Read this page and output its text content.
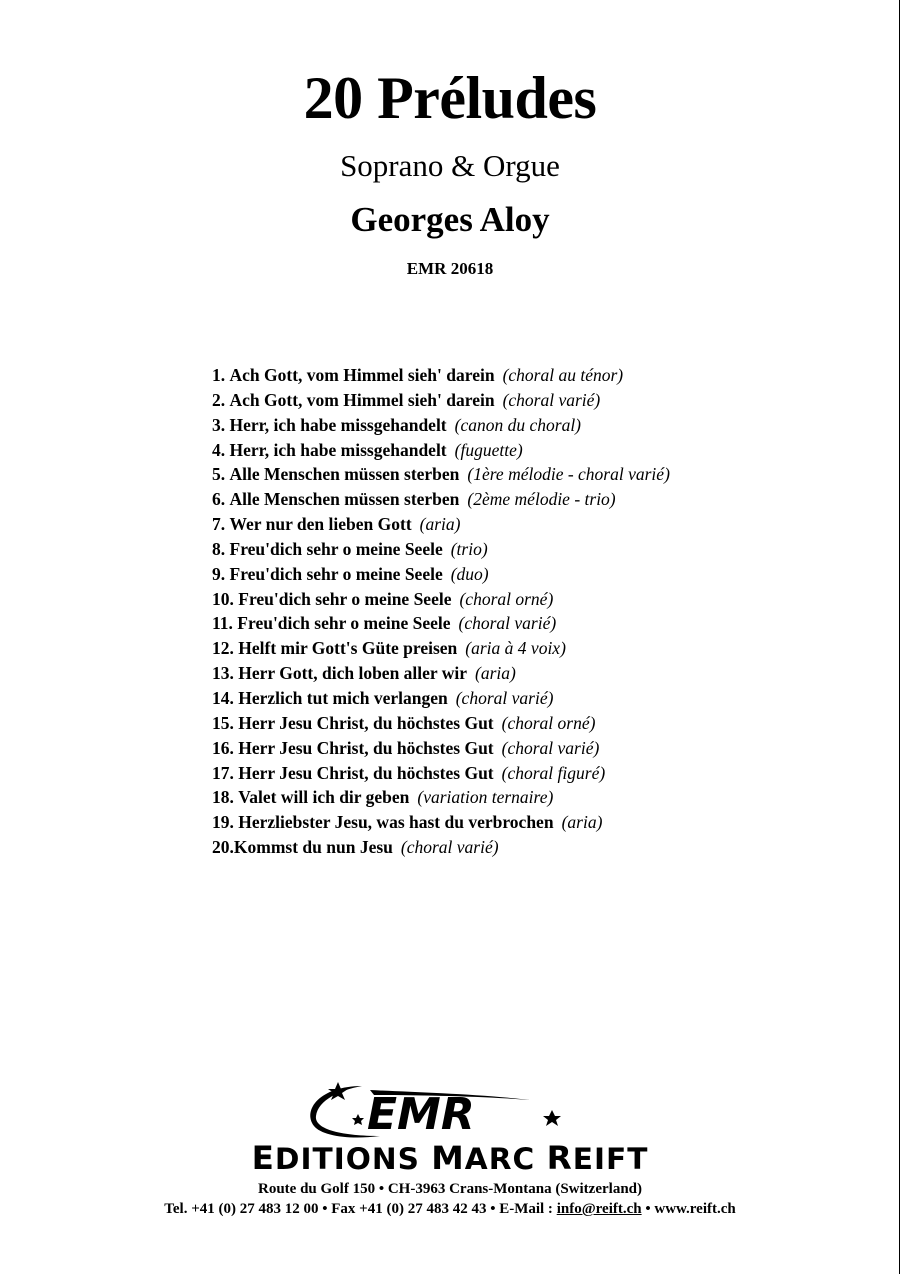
20 Préludes
Soprano & Orgue
Georges Aloy
EMR 20618
1. Ach Gott, vom Himmel sieh' darein (choral au ténor)
2. Ach Gott, vom Himmel sieh' darein (choral varié)
3. Herr, ich habe missgehandelt (canon du choral)
4. Herr, ich habe missgehandelt (fuguette)
5. Alle Menschen müssen sterben (1ère mélodie - choral varié)
6. Alle Menschen müssen sterben (2ème mélodie - trio)
7. Wer nur den lieben Gott (aria)
8. Freu'dich sehr o meine Seele (trio)
9. Freu'dich sehr o meine Seele (duo)
10. Freu'dich sehr o meine Seele (choral orné)
11. Freu'dich sehr o meine Seele (choral varié)
12. Helft mir Gott's Güte preisen (aria à 4 voix)
13. Herr Gott, dich loben aller wir (aria)
14. Herzlich tut mich verlangen (choral varié)
15. Herr Jesu Christ, du höchstes Gut (choral orné)
16. Herr Jesu Christ, du höchstes Gut (choral varié)
17. Herr Jesu Christ, du höchstes Gut (choral figuré)
18. Valet will ich dir geben (variation ternaire)
19. Herzliebster Jesu, was hast du verbrochen (aria)
20.Kommst du nun Jesu (choral varié)
EMR
EDITIONS MARC REIFT
Route du Golf 150 • CH-3963 Crans-Montana (Switzerland)
Tel. +41 (0) 27 483 12 00 • Fax +41 (0) 27 483 42 43 • E-Mail : info@reift.ch • www.reift.ch
